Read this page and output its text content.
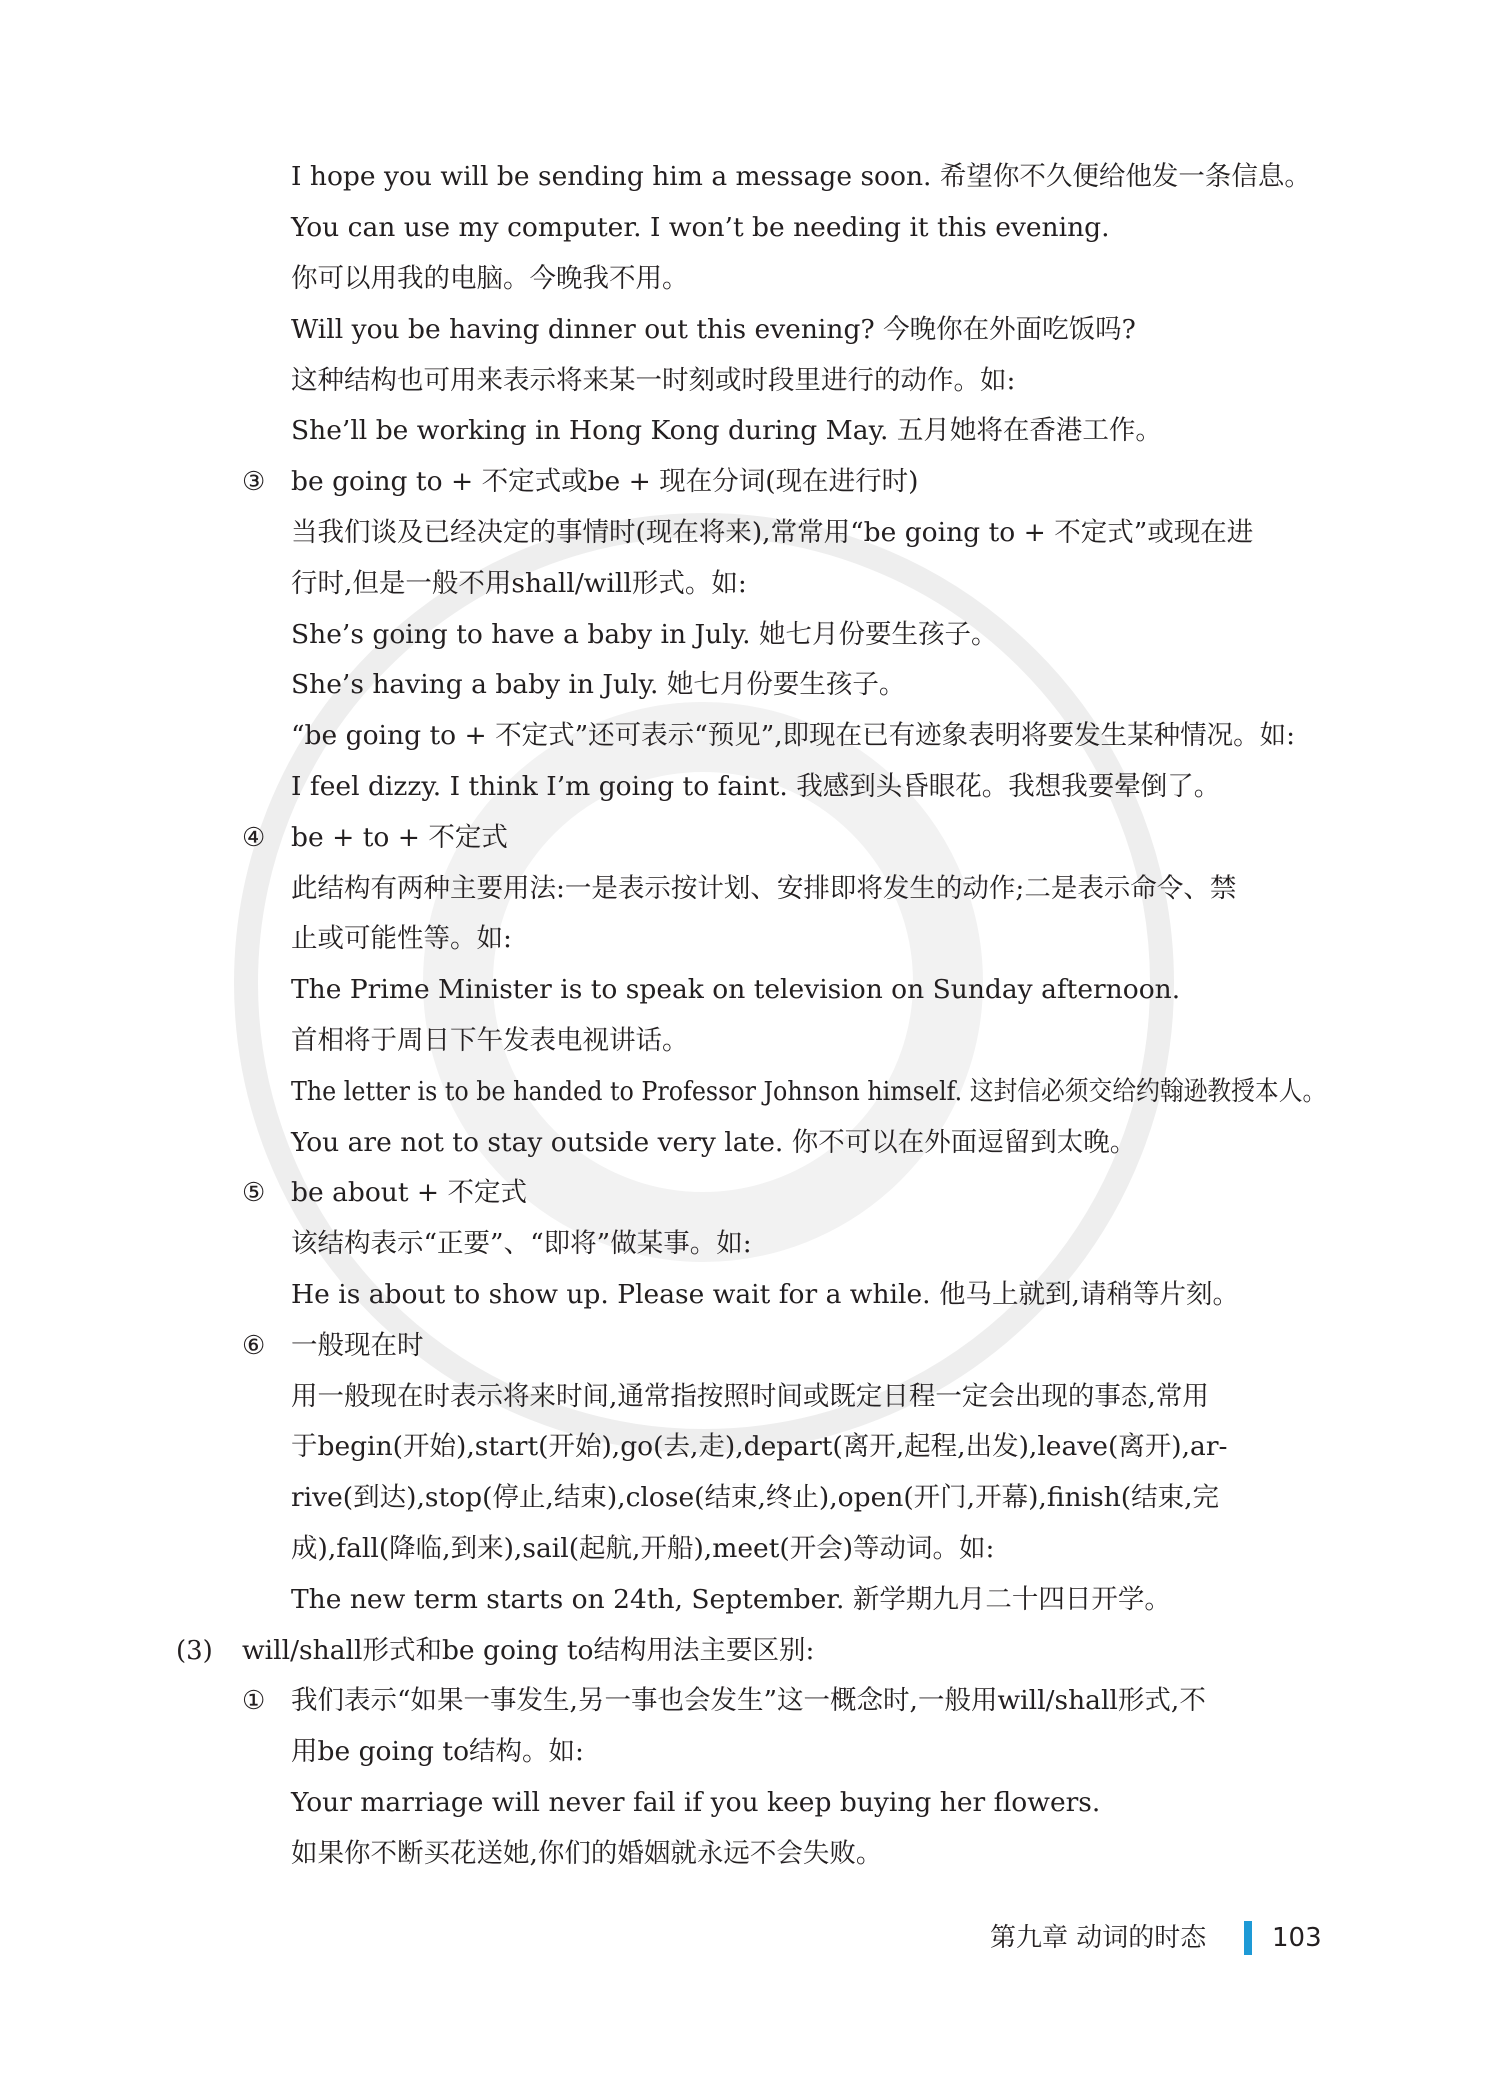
I hope you will be sending him a message soon. 希望你不久便给他发一条信息。
You can use my computer. I won’t be needing it this evening.
你可以用我的电脑。今晚我不用。
Will you be having dinner out this evening? 今晚你在外面吃饭吗?
这种结构也可用来表示将来某一时刻或时段里进行的动作。如:
She’ll be working in Hong Kong during May. 五月她将在香港工作。
③ be going to + 不定式或be + 现在分词(现在进行时)
当我们谈及已经决定的事情时(现在将来),常常用“be going to + 不定式”或现在进
行时,但是一般不用shall/will形式。如:
She’s going to have a baby in July. 她七月份要生孩子。
She’s having a baby in July. 她七月份要生孩子。
“be going to + 不定式”还可表示“预见”,即现在已有迹象表明将要发生某种情况。如:
I feel dizzy. I think I’m going to faint. 我感到头昏眼花。我想我要晕倒了。
④ be + to + 不定式
此结构有两种主要用法:一是表示按计划、安排即将发生的动作;二是表示命令、禁
止或可能性等。如:
The Prime Minister is to speak on television on Sunday afternoon.
首相将于周日下午发表电视讲话。
The letter is to be handed to Professor Johnson himself. 这封信必须交给约翰逊教授本人。
You are not to stay outside very late. 你不可以在外面逗留到太晚。
⑤ be about + 不定式
该结构表示“正要”、“即将”做某事。如:
He is about to show up. Please wait for a while. 他马上就到,请稍等片刻。
⑥ 一般现在时
用一般现在时表示将来时间,通常指按照时间或既定日程一定会出现的事态,常用
于begin(开始),start(开始),go(去,走),depart(离开,起程,出发),leave(离开),ar-
rive(到达),stop(停止,结束),close(结束,终止),open(开门,开幕),finish(结束,完
成),fall(降临,到来),sail(起航,开船),meet(开会)等动词。如:
The new term starts on 24th, September. 新学期九月二十四日开学。
(3) will/shall形式和be going to结构用法主要区别:
① 我们表示“如果一事发生,另一事也会发生”这一概念时,一般用will/shall形式,不
用be going to结构。如:
Your marriage will never fail if you keep buying her flowers.
如果你不断买花送她,你们的婚姻就永远不会失败。
第九章 动词的时态	103
